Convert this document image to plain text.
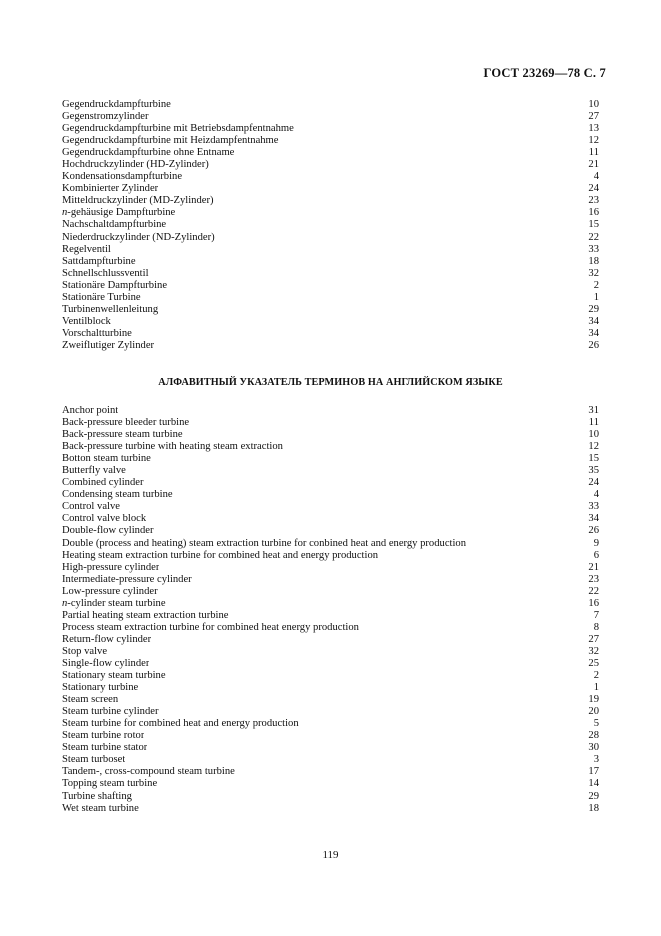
ГОСТ 23269—78 С. 7
Gegendruckdampfturbine	10
Gegenstromzylinder	27
Gegendruckdampfturbine mit Betriebsdampfentnahme	13
Gegendruckdampfturbine mit Heizdampfentnahme	12
Gegendruckdampfturbine ohne Entname	11
Hochdruckzylinder (HD-Zylinder)	21
Kondensationsdampfturbine	4
Kombinierter Zylinder	24
Mitteldruckzylinder (MD-Zylinder)	23
n-gehäusige Dampfturbine	16
Nachschaltdampfturbine	15
Niederdruckzylinder (ND-Zylinder)	22
Regelventil	33
Sattdampfturbine	18
Schnellschlussventil	32
Stationäre Dampfturbine	2
Stationäre Turbine	1
Turbinenwellenleitung	29
Ventilblock	34
Vorschaltturbine	34
Zweiflutiger Zylinder	26
АЛФАВИТНЫЙ УКАЗАТЕЛЬ ТЕРМИНОВ НА АНГЛИЙСКОМ ЯЗЫКЕ
Anchor point	31
Back-pressure bleeder turbine	11
Back-pressure steam turbine	10
Back-pressure turbine with heating steam extraction	12
Botton steam turbine	15
Butterfly valve	35
Combined cylinder	24
Condensing steam turbine	4
Control valve	33
Control valve block	34
Double-flow cylinder	26
Double (process and heating) steam extraction turbine for conbined heat and energy production	9
Heating steam extraction turbine for combined heat and energy production	6
High-pressure cylinder	21
Intermediate-pressure cylinder	23
Low-pressure cylinder	22
n-cylinder steam turbine	16
Partial heating steam extraction turbine	7
Process steam extraction turbine for combined heat energy production	8
Return-flow cylinder	27
Stop valve	32
Single-flow cylinder	25
Stationary steam turbine	2
Stationary turbine	1
Steam screen	19
Steam turbine cylinder	20
Steam turbine for combined heat and energy production	5
Steam turbine rotor	28
Steam turbine stator	30
Steam turboset	3
Tandem-, cross-compound steam turbine	17
Topping steam turbine	14
Turbine shafting	29
Wet steam turbine	18
119
